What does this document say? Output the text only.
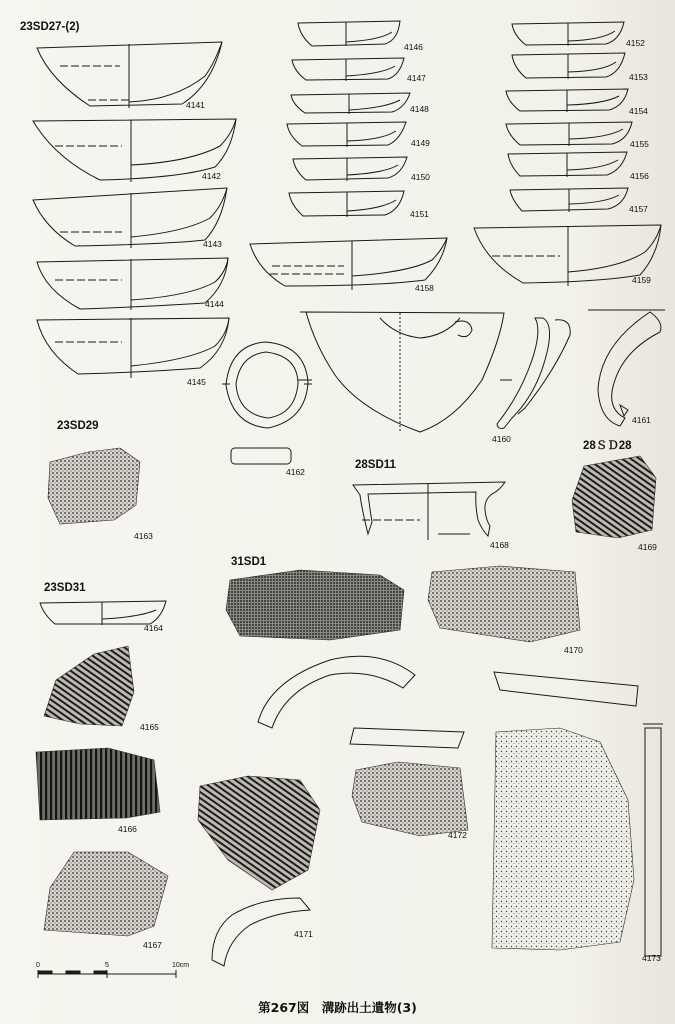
23SD27-(2)
23SD29
28SD11
28ＳＤ28
23SD31
31SD1
4141
4142
4143
4144
4145
4146
4147
4148
4149
4150
4151
4152
4153
4154
4155
4156
4157
4158
4159
4160
4161
4162
4163
4164
4165
4166
4167
4168	4169
4170
4171
4172
4173
0	5	10cm
第267図　溝跡出土遺物(3)
